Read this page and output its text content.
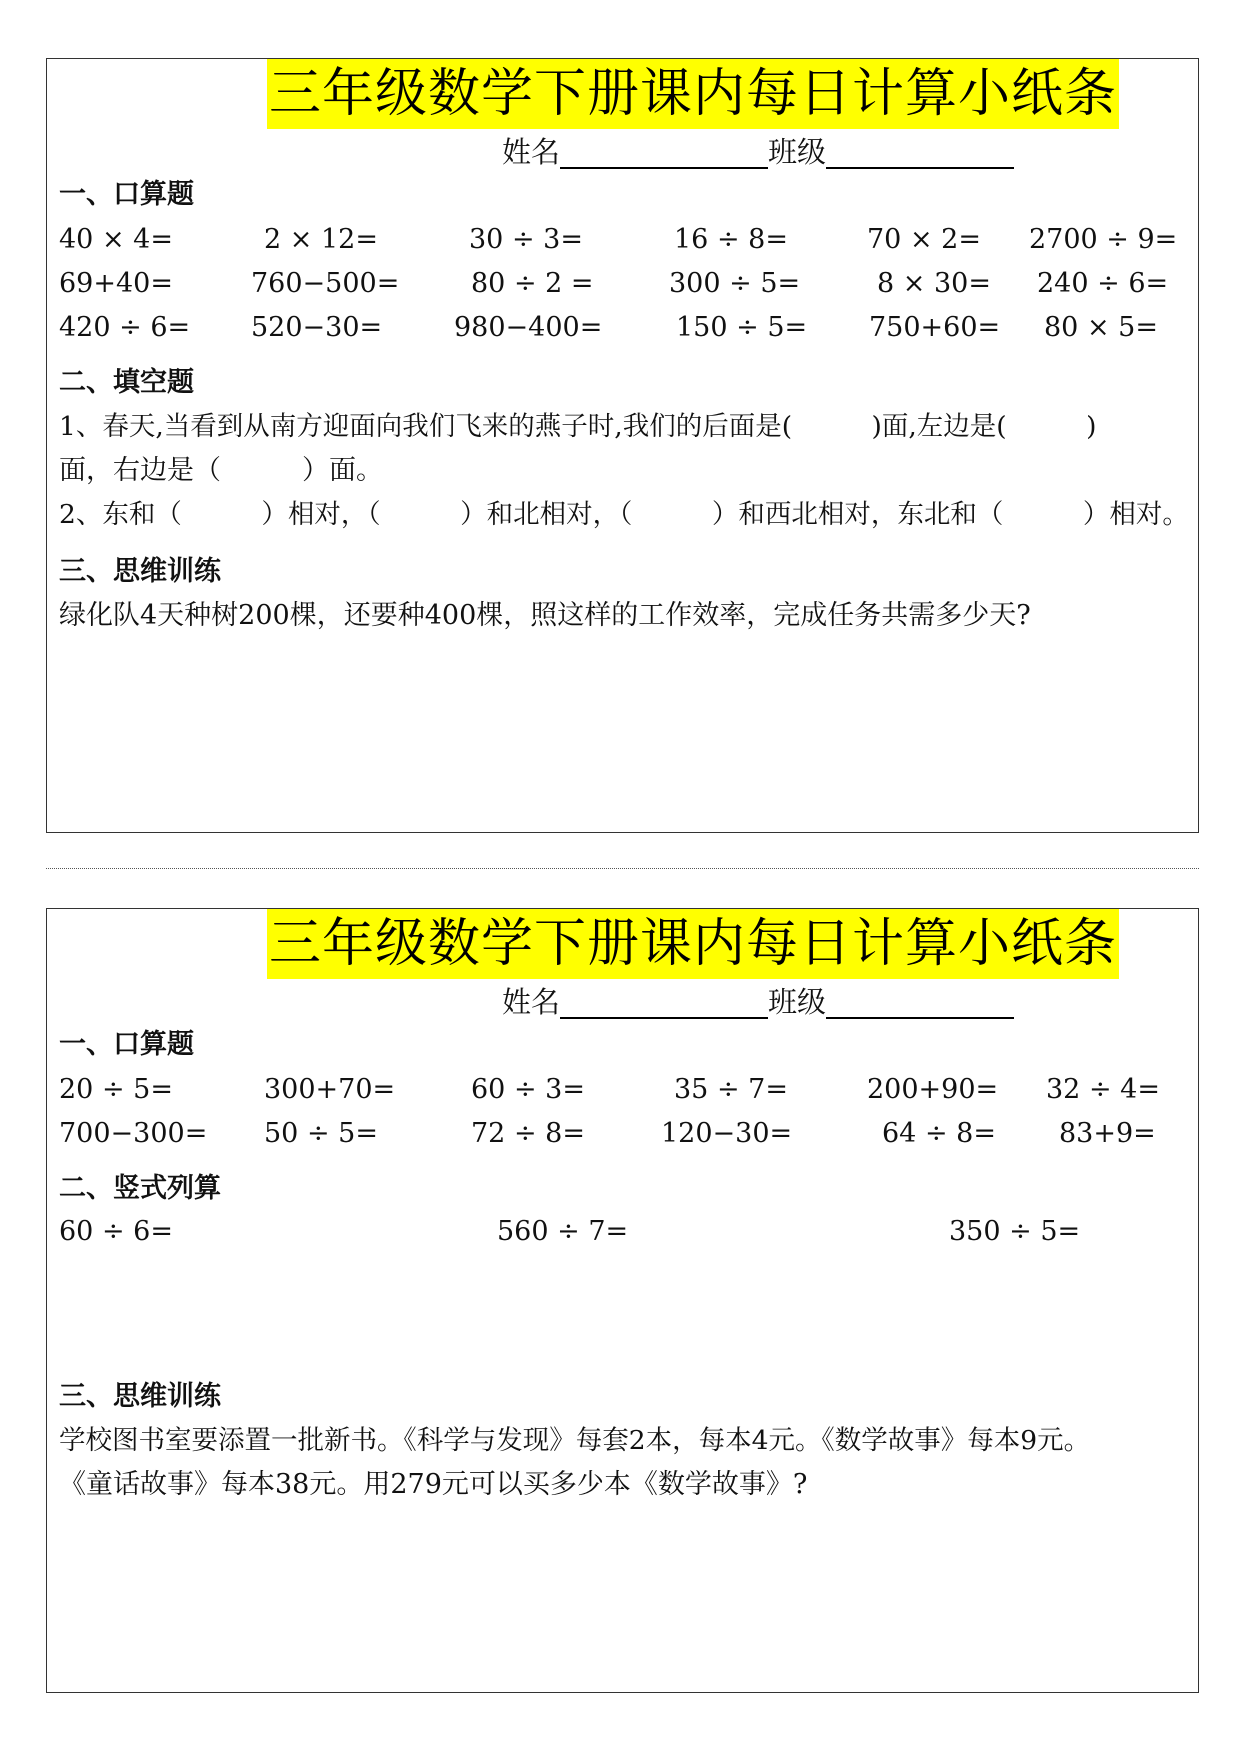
三年级数学下册课内每日计算小纸条
姓名	班级
一、口算题
40 × 4=	2 × 12=	30 ÷ 3=	16 ÷ 8=	70 × 2= 2700 ÷ 9=
69+40=	760−500=	80 ÷ 2 =	300 ÷ 5=	8 × 30= 240 ÷ 6=
420 ÷ 6= 520−30=	980−400=	150 ÷ 5= 750+60= 80 × 5=
二、填空题
1、春天,当看到从南方迎面向我们飞来的燕子时,我们的后面是(　　　)面,左边是(　　　)
面，右边是（　　　）面。
2、东和（　　　）相对，（　　　）和北相对，（　　　）和西北相对，东北和（　　　）相对。
三、思维训练
绿化队4天种树200棵，还要种400棵，照这样的工作效率，完成任务共需多少天?
三年级数学下册课内每日计算小纸条
姓名	班级
一、口算题
20 ÷ 5=	300+70=	60 ÷ 3=	35 ÷ 7=	200+90= 32 ÷ 4=
700−300= 50 ÷ 5=	72 ÷ 8=	120−30=	64 ÷ 8= 83+9=
二、竖式列算
60 ÷ 6=	560 ÷ 7=	350 ÷ 5=
三、思维训练
学校图书室要添置一批新书。《科学与发现》每套2本，每本4元。《数学故事》每本9元。
《童话故事》每本38元。用279元可以买多少本《数学故事》?
